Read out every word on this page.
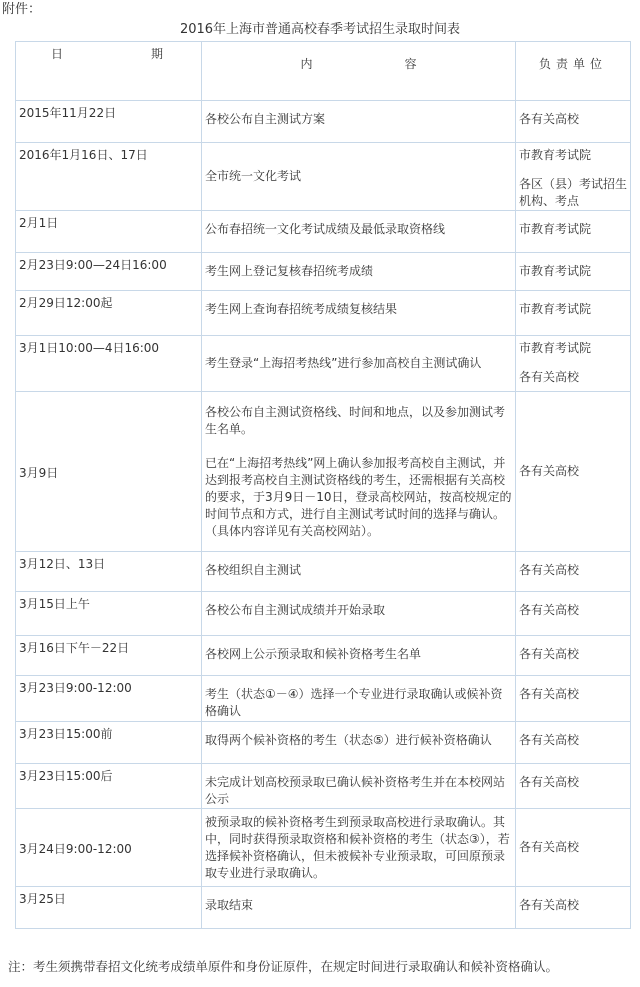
附件：
2016年上海市普通高校春季考试招生录取时间表
日 期	内 容	负责单位
2015年11月22日	各校公布自主测试方案	各有关高校

2016年1月16日、17日	全市统一文化考试	市教育考试院
各区（县）考试招生机构、考点

2月1日	公布春招统一文化考试成绩及最低录取资格线	市教育考试院

2月23日9:00—24日16:00	考生网上登记复核春招统考成绩	市教育考试院

2月29日12:00起	考生网上查询春招统考成绩复核结果	市教育考试院

3月1日10:00—4日16:00	考生登录“上海招考热线”进行参加高校自主测试确认	市教育考试院
各有关高校

3月9日	各校公布自主测试资格线、时间和地点，以及参加测试考生名单。
已在“上海招考热线”网上确认参加报考高校自主测试，并达到报考高校自主测试资格线的考生，还需根据有关高校的要求，于3月9日－10日，登录高校网站，按高校规定的时间节点和方式，进行自主测试考试时间的选择与确认。（具体内容详见有关高校网站）。	各有关高校

3月12日、13日	各校组织自主测试	各有关高校

3月15日上午	各校公布自主测试成绩并开始录取	各有关高校

3月16日下午－22日	各校网上公示预录取和候补资格考生名单	各有关高校

3月23日9:00-12:00	考生（状态①－④）选择一个专业进行录取确认或候补资格确认	各有关高校

3月23日15:00前	取得两个候补资格的考生（状态⑤）进行候补资格确认	各有关高校

3月23日15:00后	未完成计划高校预录取已确认候补资格考生并在本校网站公示	各有关高校

3月24日9:00-12:00	被预录取的候补资格考生到预录取高校进行录取确认。其中，同时获得预录取资格和候补资格的考生（状态③），若选择候补资格确认，但未被候补专业预录取，可回原预录取专业进行录取确认。	各有关高校

3月25日	录取结束	各有关高校
注：考生须携带春招文化统考成绩单原件和身份证原件，在规定时间进行录取确认和候补资格确认。
